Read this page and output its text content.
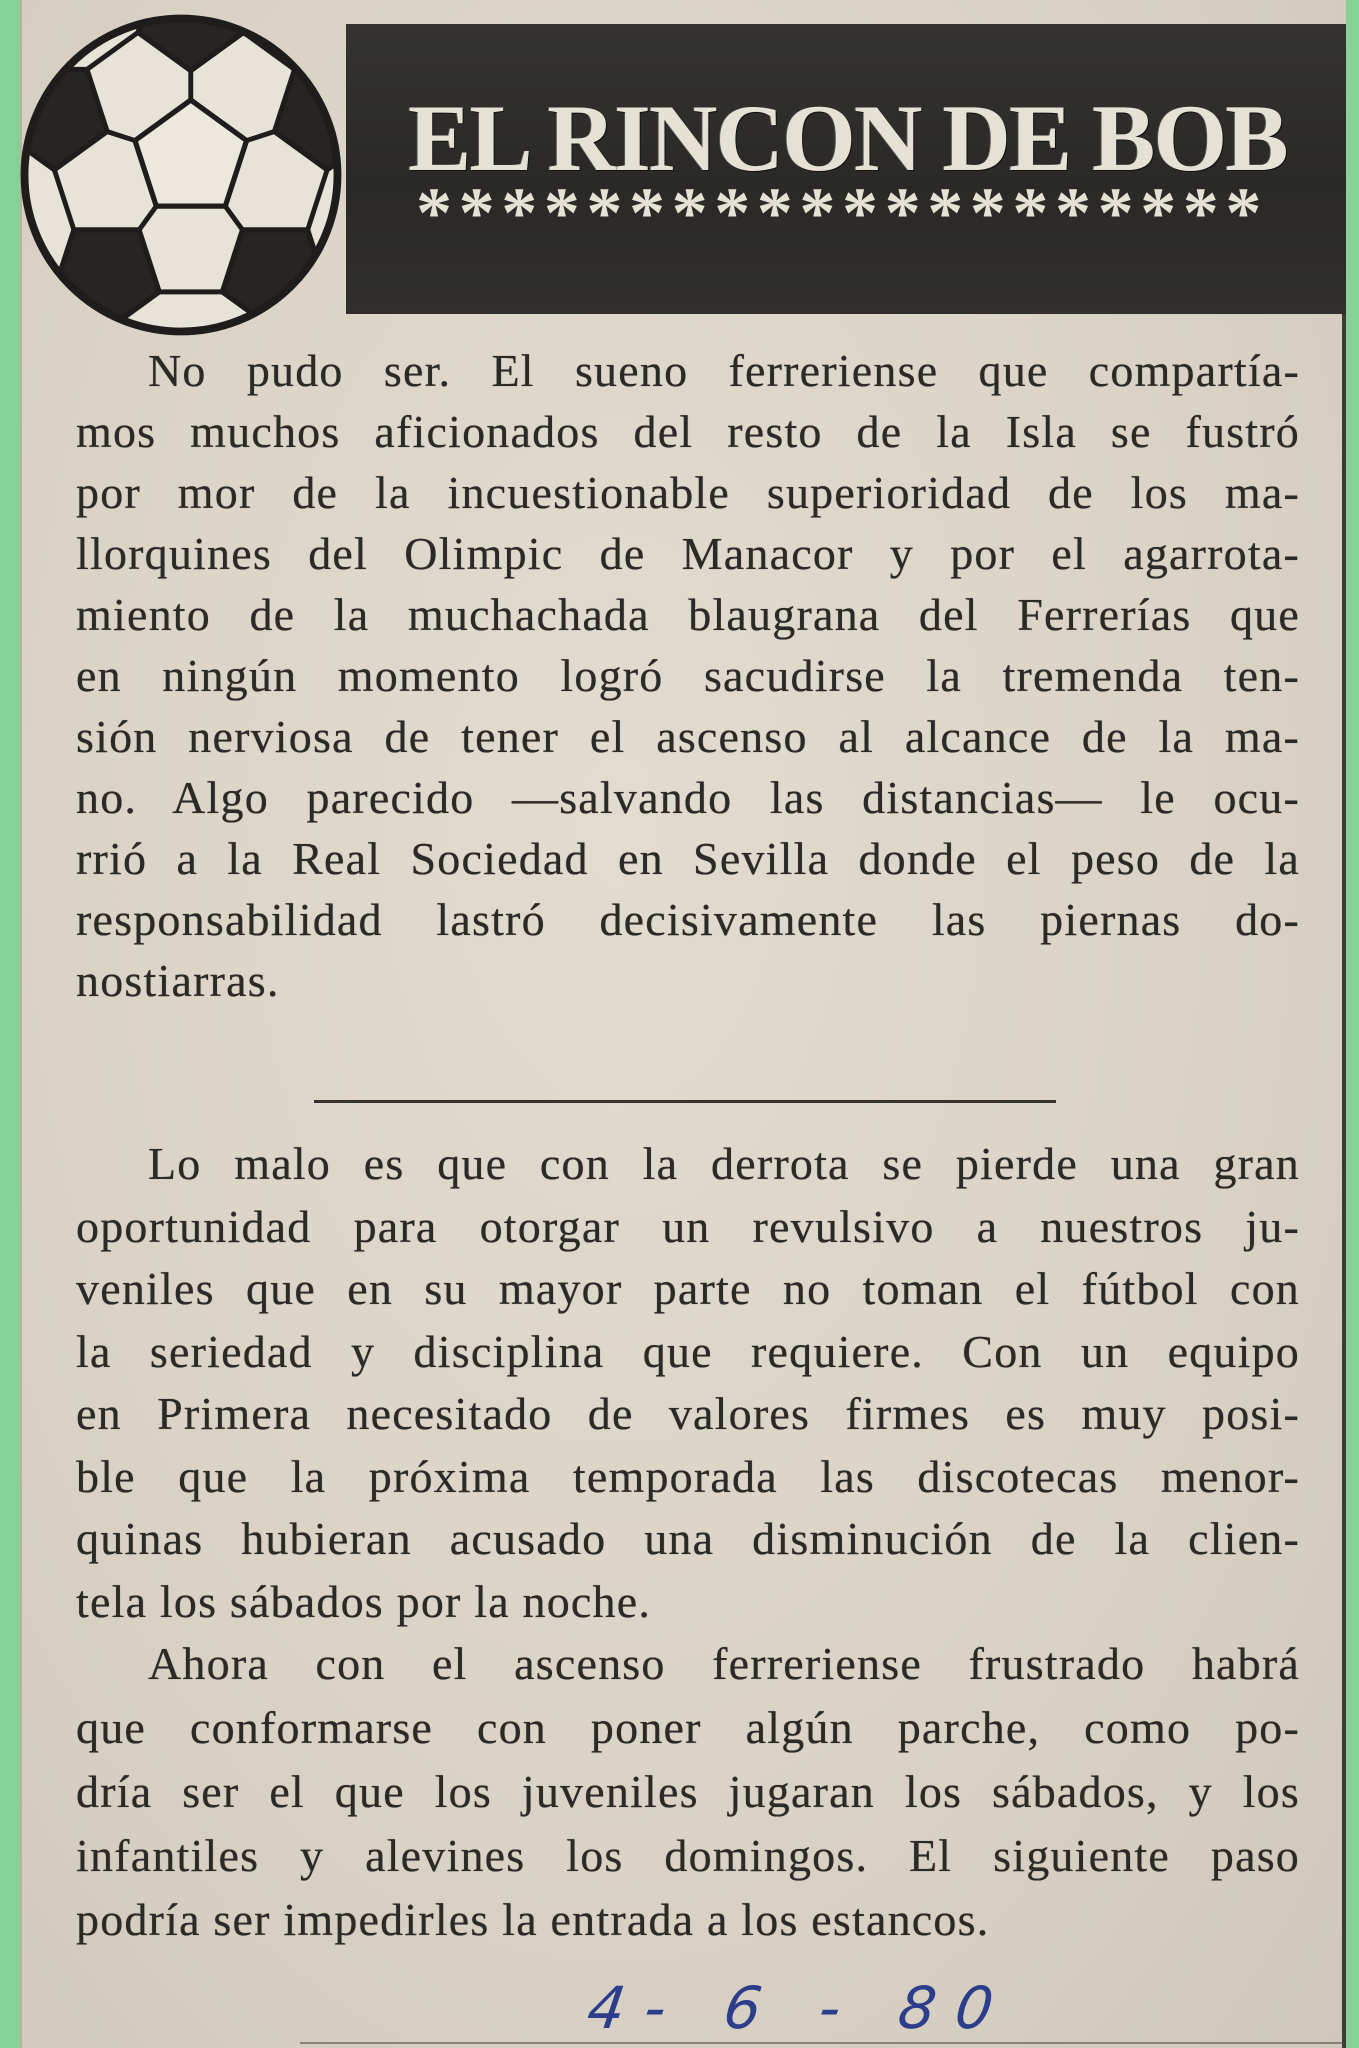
EL RINCON DE BOB
********************
No pudo ser. El sueno ferreriense que compartía-
mos muchos aficionados del resto de la Isla se fustró
por mor de la incuestionable superioridad de los ma-
llorquines del Olimpic de Manacor y por el agarrota-
miento de la muchachada blaugrana del Ferrerías que
en ningún momento logró sacudirse la tremenda ten-
sión nerviosa de tener el ascenso al alcance de la ma-
no. Algo parecido —salvando las distancias— le ocu-
rrió a la Real Sociedad en Sevilla donde el peso de la
responsabilidad lastró decisivamente las piernas do-
nostiarras.
Lo malo es que con la derrota se pierde una gran
oportunidad para otorgar un revulsivo a nuestros ju-
veniles que en su mayor parte no toman el fútbol con
la seriedad y disciplina que requiere. Con un equipo
en Primera necesitado de valores firmes es muy posi-
ble que la próxima temporada las discotecas menor-
quinas hubieran acusado una disminución de la clien-
tela los sábados por la noche.
Ahora con el ascenso ferreriense frustrado habrá
que conformarse con poner algún parche, como po-
dría ser el que los juveniles jugaran los sábados, y los
infantiles y alevines los domingos. El siguiente paso
podría ser impedirles la entrada a los estancos.
4- 6 - 80
